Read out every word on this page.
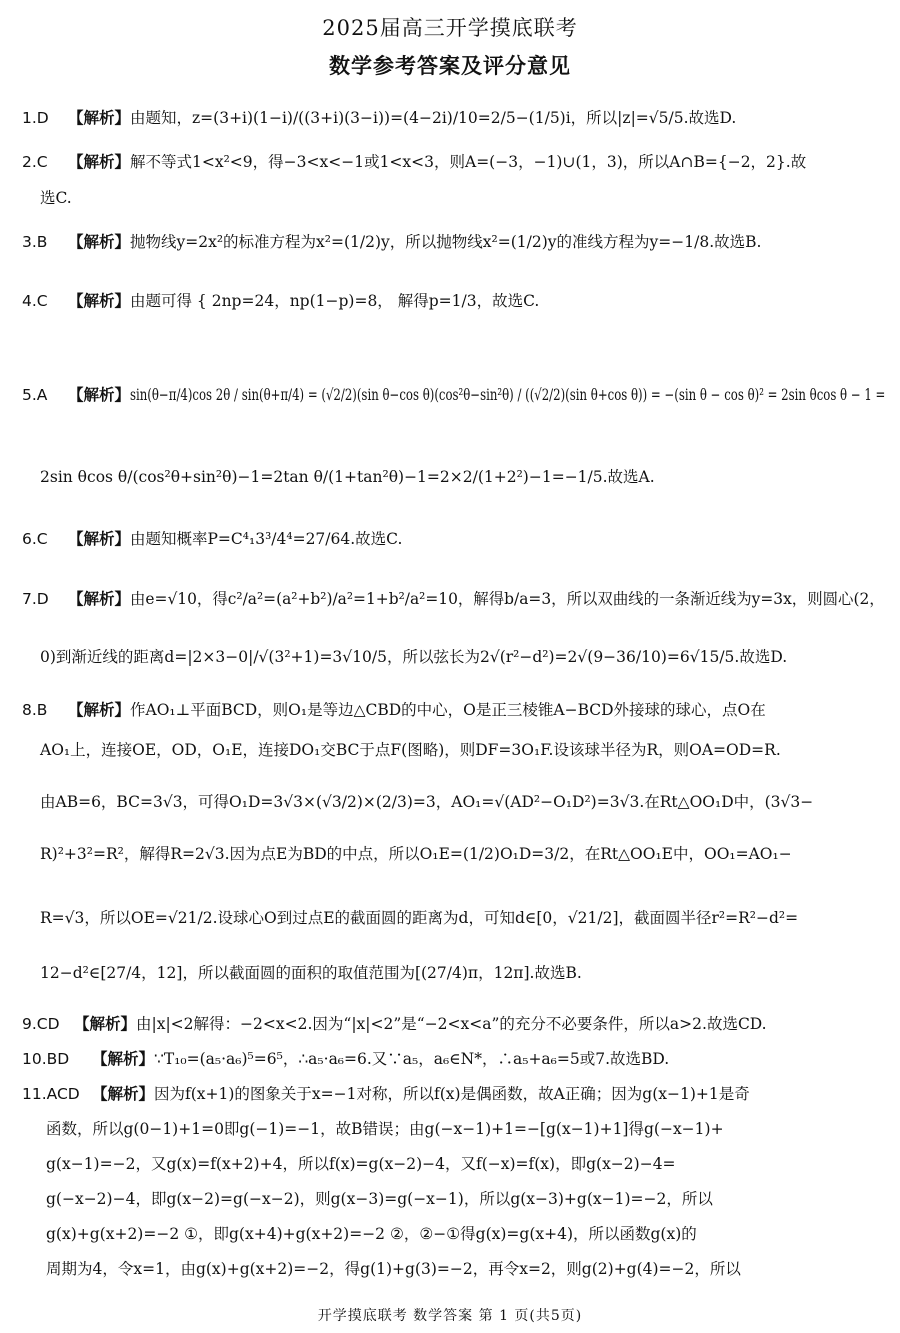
2025届高三开学摸底联考
数学参考答案及评分意见
1.D 【解析】 由题知，z=(3+i)(1−i)/((3+i)(3−i))=(4−2i)/10=2/5−(1/5)i，所以|z|=√5/5.故选D.
2.C 【解析】 解不等式1<x²<9，得−3<x<−1或1<x<3，则A=(−3，−1)∪(1，3)，所以A∩B={−2，2}.故
选C.
3.B 【解析】 抛物线y=2x²的标准方程为x²=(1/2)y，所以抛物线x²=(1/2)y的准线方程为y=−1/8.故选B.
4.C 【解析】 由题可得 { 2np=24，np(1−p)=8， 解得p=1/3，故选C.
5.A 【解析】 sin(θ−π/4)cos 2θ / sin(θ+π/4) = (√2/2)(sin θ−cos θ)(cos²θ−sin²θ) / ((√2/2)(sin θ+cos θ)) = −(sin θ − cos θ)² = 2sin θcos θ − 1 =
2sin θcos θ/(cos²θ+sin²θ)−1=2tan θ/(1+tan²θ)−1=2×2/(1+2²)−1=−1/5.故选A.
6.C 【解析】 由题知概率P=C⁴₁3³/4⁴=27/64.故选C.
7.D 【解析】 由e=√10，得c²/a²=(a²+b²)/a²=1+b²/a²=10，解得b/a=3，所以双曲线的一条渐近线为y=3x，则圆心(2，
0)到渐近线的距离d=|2×3−0|/√(3²+1)=3√10/5，所以弦长为2√(r²−d²)=2√(9−36/10)=6√15/5.故选D.
8.B 【解析】 作AO₁⊥平面BCD，则O₁是等边△CBD的中心，O是正三棱锥A−BCD外接球的球心，点O在
AO₁上，连接OE，OD，O₁E，连接DO₁交BC于点F(图略)，则DF=3O₁F.设该球半径为R，则OA=OD=R.
由AB=6，BC=3√3，可得O₁D=3√3×(√3/2)×(2/3)=3，AO₁=√(AD²−O₁D²)=3√3.在Rt△OO₁D中，(3√3−
R)²+3²=R²，解得R=2√3.因为点E为BD的中点，所以O₁E=(1/2)O₁D=3/2，在Rt△OO₁E中，OO₁=AO₁−
R=√3，所以OE=√21/2.设球心O到过点E的截面圆的距离为d，可知d∈[0，√21/2]，截面圆半径r²=R²−d²=
12−d²∈[27/4，12]，所以截面圆的面积的取值范围为[(27/4)π，12π].故选B.
9.CD 【解析】 由|x|<2解得：−2<x<2.因为“|x|<2”是“−2<x<a”的充分不必要条件，所以a>2.故选CD.
10.BD 【解析】 ∵T₁₀=(a₅·a₆)⁵=6⁵，∴a₅·a₆=6.又∵a₅，a₆∈N*，∴a₅+a₆=5或7.故选BD.
11.ACD 【解析】 因为f(x+1)的图象关于x=−1对称，所以f(x)是偶函数，故A正确；因为g(x−1)+1是奇
函数，所以g(0−1)+1=0即g(−1)=−1，故B错误；由g(−x−1)+1=−[g(x−1)+1]得g(−x−1)+
g(x−1)=−2，又g(x)=f(x+2)+4，所以f(x)=g(x−2)−4，又f(−x)=f(x)，即g(x−2)−4=
g(−x−2)−4，即g(x−2)=g(−x−2)，则g(x−3)=g(−x−1)，所以g(x−3)+g(x−1)=−2，所以
g(x)+g(x+2)=−2 ①，即g(x+4)+g(x+2)=−2 ②，②−①得g(x)=g(x+4)，所以函数g(x)的
周期为4，令x=1，由g(x)+g(x+2)=−2，得g(1)+g(3)=−2，再令x=2，则g(2)+g(4)=−2，所以
开学摸底联考 数学答案 第 1 页(共5页)
